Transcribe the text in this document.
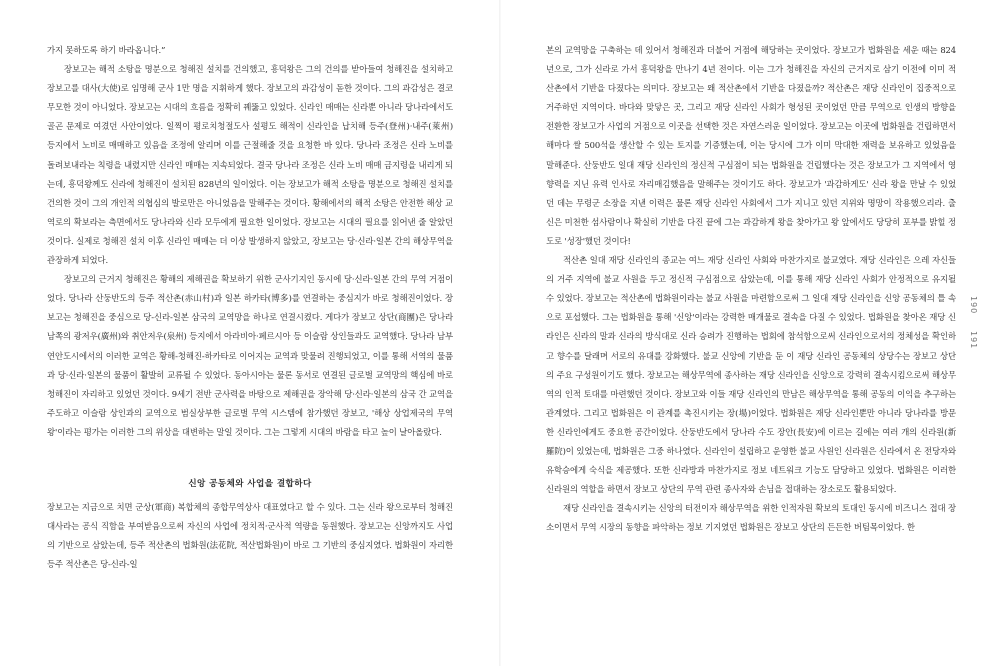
가지 못하도록 하기 바라옵니다.”

장보고는 해적 소탕을 명분으로 청해진 설치를 건의했고, 흥덕왕은 그의 건의를 받아들여 청해진을 설치하고 장보고를 대사(大使)로 임명해 군사 1만 명을 지휘하게 했다. 장보고의 과감성이 돋한 것이다. 그의 과감성은 결코 무모한 것이 아니었다. 장보고는 시대의 흐름을 정확히 꿰뚫고 있었다. 신라인 매매는 신라뿐 아니라 당나라에서도 골곤 문제로 여겼던 사안이었다. 일찍이 평로치청절도사 설평도 해적이 신라인을 납치해 등주(登州)·내주(萊州) 등지에서 노비로 매매하고 있음을 조정에 알리며 이를 근절해줄 것을 요청한 바 있다. 당나라 조정은 신라 노비를 돌려보내라는 칙령을 내렸지만 신라인 매매는 지속되었다. 결국 당나라 조정은 신라 노비 매매 금지령을 내리게 되는데, 흥덕왕께도 신라에 청해진이 설치된 828년의 일이었다. 이는 장보고가 해적 소탕을 명분으로 청해진 설치를 건의한 것이 그의 개인적 의협심의 발로만은 아니었음을 말해주는 것이다. 황해에서의 해적 소탕은 안전한 해상 교역로의 확보라는 측면에서도 당나라와 신라 모두에게 필요한 일이었다. 장보고는 시대의 필요를 읽어낸 줄 알았던 것이다. 실제로 청해진 설치 이후 신라인 매매는 더 이상 발생하지 않았고, 장보고는 당·신라·일본 간의 해상무역을 관장하게 되었다.

장보고의 근거지 청해진은 황해의 제해권을 확보하기 위한 군사기지인 동시에 당·신라·일본 간의 무역 거점이었다. 당나라 산둥반도의 등주 적산촌(赤山村)과 일본 하카타(博多)를 연결하는 중심지가 바로 청해진이었다. 장보고는 청해진을 중심으로 당-신라-일본 삼국의 교역망을 하나로 연결시켰다. 게다가 장보고 상단(商團)은 당나라 남쪽의 광저우(廣州)와 취안저우(泉州) 등지에서 아라비아·페르시아 등 이슬람 상인들과도 교역했다. 당나라 남부 연안도시에서의 이러한 교역은 황해-청해진-하카타로 이어지는 교역과 맞물려 진행되었고, 이를 통해 서역의 물품과 당·신라·일본의 물품이 활발히 교류될 수 있었다. 동아시아는 물론 동서로 연결된 글로벌 교역망의 핵심에 바로 청해진이 자리하고 있었던 것이다. 9세기 전반 군사력을 바탕으로 제해권을 장악해 당·신라·일본의 삼국 간 교역을 주도하고 이슬람 상인과의 교역으로 범실상부한 글로벌 무역 시스템에 참가했던 장보고, '해상 상업제국의 무역왕'이라는 평가는 이러한 그의 위상을 대변하는 말일 것이다. 그는 그렇게 시대의 바람을 타고 높이 날아올랐다.

신앙 공동체와 사업을 결합하다

장보고는 지금으로 치면 군상(軍商) 복합체의 종합무역상사 대표였다고 할 수 있다. 그는 신라 왕으로부터 청해진 대사라는 공식 직함을 부여받음으로써 자신의 사업에 정치적·군사적 역량을 동원했다. 장보고는 신앙까지도 사업의 기반으로 삼았는데, 등주 적산촌의 법화원(法花院, 적산법화원)이 바로 그 기반의 중심지였다. 법화원이 자리한 등주 적산촌은 당-신라-일

본의 교역망을 구축하는 데 있어서 청해진과 더불어 거점에 해당하는 곳이었다. 장보고가 법화원을 세운 때는 824년으로, 그가 신라로 가서 흥덕왕을 만나기 4년 전이다. 이는 그가 청해진을 자신의 근거지로 삼기 이전에 이미 적산촌에서 기반을 다졌다는 의미다. 장보고는 왜 적산촌에서 기반을 다졌을까? 적산촌은 재당 신라인이 집중적으로 거주하던 지역이다. 바다와 맞닿은 곳, 그리고 재당 신라인 사회가 형성된 곳이었던 만큼 무역으로 인생의 방향을 전환한 장보고가 사업의 거점으로 이곳을 선택한 것은 자연스러운 일이었다. 장보고는 이곳에 법화원을 건립하면서 해마다 쌀 500석을 생산할 수 있는 토지를 기증했는데, 이는 당시에 그가 이미 막대한 재력을 보유하고 있었음을 말해준다. 산둥반도 일대 재당 신라인의 정신적 구심점이 되는 법화원을 건립했다는 것은 장보고가 그 지역에서 영향력을 지닌 유력 인사로 자리매김했음을 말해주는 것이기도 하다. 장보고가 '과감하게도' 신라 왕을 만날 수 있었던 데는 무령군 소장을 지낸 이력은 물론 재당 신라인 사회에서 그가 지니고 있던 지위와 명망이 작용했으리라. 출신은 미천한 섬사람이나 확실히 기반을 다진 끝에 그는 과감하게 왕을 찾아가고 왕 앞에서도 당당히 포부를 밝힐 정도로 '성장'했던 것이다!

적산촌 일대 재당 신라인의 종교는 여느 재당 신라인 사회와 마찬가지로 불교였다. 재당 신라인은 으레 자신들의 거주 지역에 불교 사원을 두고 정신적 구심점으로 삼았는데, 이를 통해 재당 신라인 사회가 안정적으로 유지될 수 있었다. 장보고는 적산촌에 법화원이라는 불교 사원을 마련함으로써 그 일대 재당 신라인을 신앙 공동체의 틀 속으로 포섭했다. 그는 법화원을 통해 '신앙'이라는 강력한 매개물로 결속을 다질 수 있었다. 법화원을 찾아온 재당 신라인은 신라의 말과 신라의 방식대로 신라 승려가 진행하는 법회에 참석함으로써 신라인으로서의 정체성을 확인하고 향수를 달래며 서로의 유대를 강화했다. 불교 신앙에 기반을 둔 이 재당 신라인 공동체의 상당수는 장보고 상단의 주요 구성원이기도 했다. 장보고는 해상무역에 종사하는 재당 신라인을 신앙으로 강력히 결속시킴으로써 해상무역의 인적 토대를 마련했던 것이다. 장보고와 이들 재당 신라인의 만남은 해상무역을 통해 공동의 이익을 추구하는 관계였다. 그리고 법화원은 이 관계를 촉진시키는 장(場)이었다. 법화원은 재당 신라인뿐만 아니라 당나라를 방문한 신라인에게도 중요한 공간이었다. 산둥반도에서 당나라 수도 장안(長安)에 이르는 길에는 여러 개의 신라원(新羅院)이 있었는데, 법화원은 그중 하나였다. 신라인이 설립하고 운영한 불교 사원인 신라원은 신라에서 온 전당자와 유학승에게 숙식을 제공했다. 또한 신라방과 마찬가지로 정보 네트워크 기능도 담당하고 있었다. 법화원은 이러한 신라원의 역할을 하면서 장보고 상단의 무역 관련 종사자와 손님을 접대하는 장소로도 활용되었다.

재당 신라인을 결속시키는 신앙의 터전이자 해상무역을 위한 인적자원 확보의 토대인 동시에 비즈니스 접대 장소이면서 무역 시장의 동향을 파악하는 정보 기지였던 법화원은 장보고 상단의 든든한 버팀목이었다. 한

190   191
